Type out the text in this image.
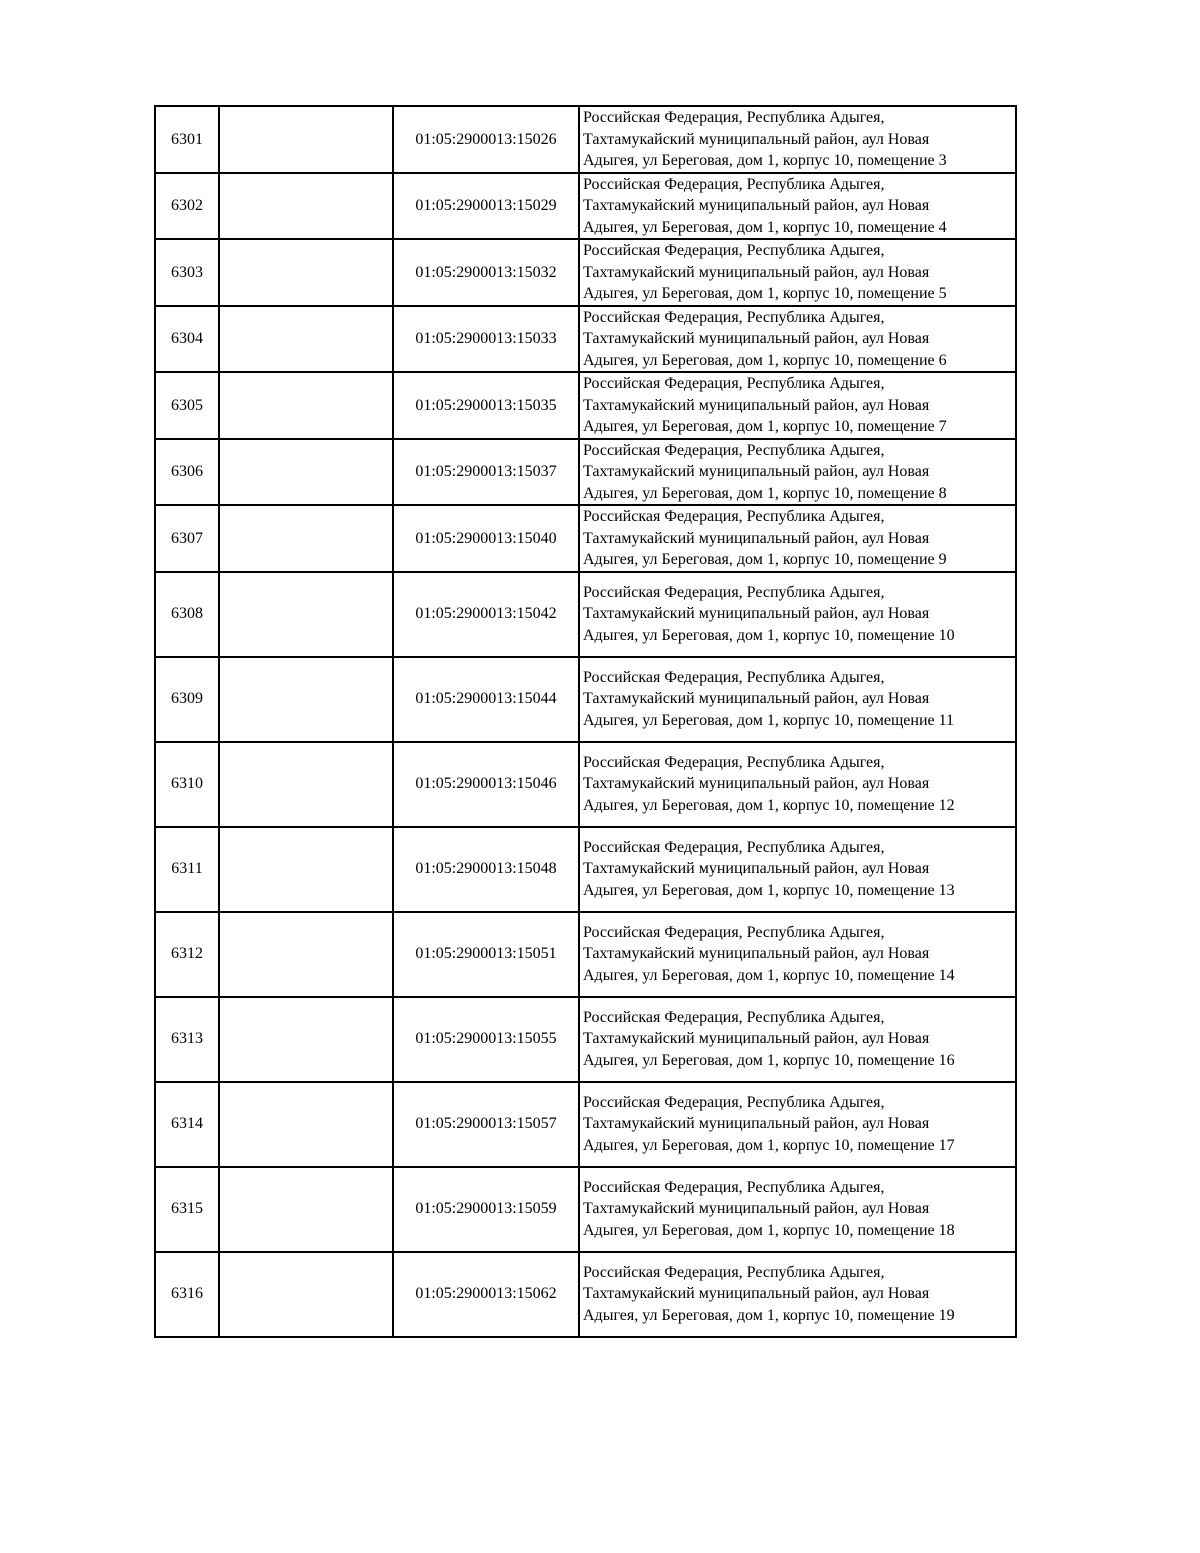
6301		01:05:2900013:15026	Российская Федерация, Республика Адыгея,
Тахтамукайский муниципальный район, аул Новая
Адыгея, ул Береговая, дом 1, корпус 10, помещение 3

6302		01:05:2900013:15029	Российская Федерация, Республика Адыгея,
Тахтамукайский муниципальный район, аул Новая
Адыгея, ул Береговая, дом 1, корпус 10, помещение 4

6303		01:05:2900013:15032	Российская Федерация, Республика Адыгея,
Тахтамукайский муниципальный район, аул Новая
Адыгея, ул Береговая, дом 1, корпус 10, помещение 5

6304		01:05:2900013:15033	Российская Федерация, Республика Адыгея,
Тахтамукайский муниципальный район, аул Новая
Адыгея, ул Береговая, дом 1, корпус 10, помещение 6

6305		01:05:2900013:15035	Российская Федерация, Республика Адыгея,
Тахтамукайский муниципальный район, аул Новая
Адыгея, ул Береговая, дом 1, корпус 10, помещение 7

6306		01:05:2900013:15037	Российская Федерация, Республика Адыгея,
Тахтамукайский муниципальный район, аул Новая
Адыгея, ул Береговая, дом 1, корпус 10, помещение 8

6307		01:05:2900013:15040	Российская Федерация, Республика Адыгея,
Тахтамукайский муниципальный район, аул Новая
Адыгея, ул Береговая, дом 1, корпус 10, помещение 9

6308		01:05:2900013:15042	Российская Федерация, Республика Адыгея,
Тахтамукайский муниципальный район, аул Новая
Адыгея, ул Береговая, дом 1, корпус 10, помещение 10

6309		01:05:2900013:15044	Российская Федерация, Республика Адыгея,
Тахтамукайский муниципальный район, аул Новая
Адыгея, ул Береговая, дом 1, корпус 10, помещение 11

6310		01:05:2900013:15046	Российская Федерация, Республика Адыгея,
Тахтамукайский муниципальный район, аул Новая
Адыгея, ул Береговая, дом 1, корпус 10, помещение 12

6311		01:05:2900013:15048	Российская Федерация, Республика Адыгея,
Тахтамукайский муниципальный район, аул Новая
Адыгея, ул Береговая, дом 1, корпус 10, помещение 13

6312		01:05:2900013:15051	Российская Федерация, Республика Адыгея,
Тахтамукайский муниципальный район, аул Новая
Адыгея, ул Береговая, дом 1, корпус 10, помещение 14

6313		01:05:2900013:15055	Российская Федерация, Республика Адыгея,
Тахтамукайский муниципальный район, аул Новая
Адыгея, ул Береговая, дом 1, корпус 10, помещение 16

6314		01:05:2900013:15057	Российская Федерация, Республика Адыгея,
Тахтамукайский муниципальный район, аул Новая
Адыгея, ул Береговая, дом 1, корпус 10, помещение 17

6315		01:05:2900013:15059	Российская Федерация, Республика Адыгея,
Тахтамукайский муниципальный район, аул Новая
Адыгея, ул Береговая, дом 1, корпус 10, помещение 18

6316		01:05:2900013:15062	Российская Федерация, Республика Адыгея,
Тахтамукайский муниципальный район, аул Новая
Адыгея, ул Береговая, дом 1, корпус 10, помещение 19
